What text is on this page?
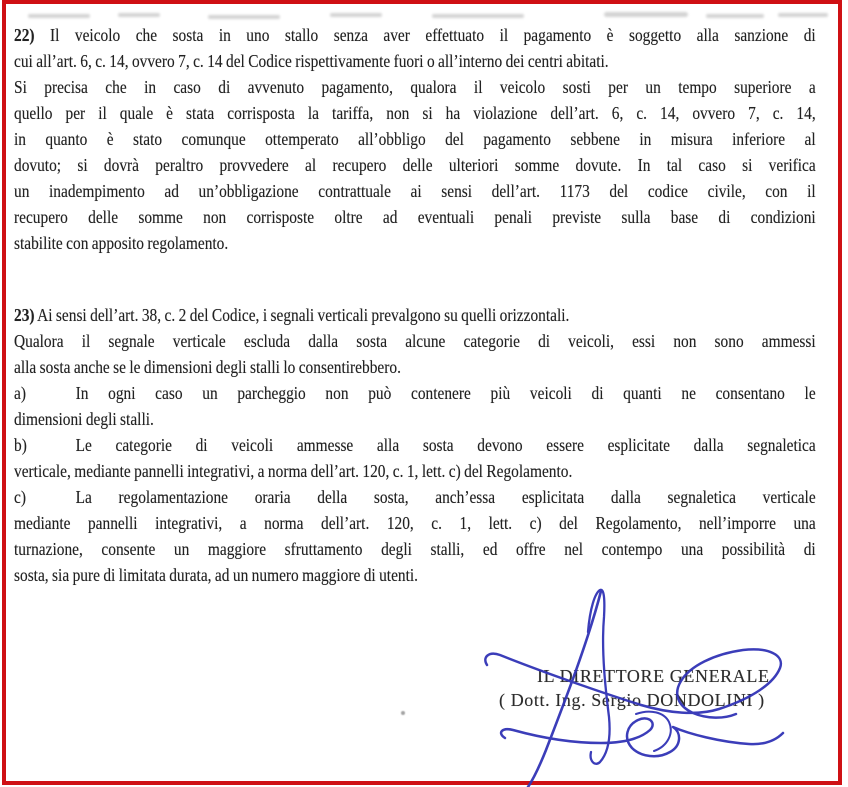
22) Il veicolo che sosta in uno stallo senza aver effettuato il pagamento è soggetto alla sanzione di
cui all’art. 6, c. 14, ovvero 7, c. 14 del Codice rispettivamente fuori o all’interno dei centri abitati.
Si precisa che in caso di avvenuto pagamento, qualora il veicolo sosti per un tempo superiore a
quello per il quale è stata corrisposta la tariffa, non si ha violazione dell’art. 6, c. 14, ovvero 7, c. 14,
in quanto è stato comunque ottemperato all’obbligo del pagamento sebbene in misura inferiore al
dovuto; si dovrà peraltro provvedere al recupero delle ulteriori somme dovute. In tal caso si verifica
un inadempimento ad un’obbligazione contrattuale ai sensi dell’art. 1173 del codice civile, con il
recupero delle somme non corrisposte oltre ad eventuali penali previste sulla base di condizioni
stabilite con apposito regolamento.
23) Ai sensi dell’art. 38, c. 2 del Codice, i segnali verticali prevalgono su quelli orizzontali.
Qualora il segnale verticale escluda dalla sosta alcune categorie di veicoli, essi non sono ammessi
alla sosta anche se le dimensioni degli stalli lo consentirebbero.
a)	In ogni caso un parcheggio non può contenere più veicoli di quanti ne consentano le
dimensioni degli stalli.
b)	Le categorie di veicoli ammesse alla sosta devono essere esplicitate dalla segnaletica
verticale, mediante pannelli integrativi, a norma dell’art. 120, c. 1, lett. c) del Regolamento.
c)	La regolamentazione oraria della sosta, anch’essa esplicitata dalla segnaletica verticale
mediante pannelli integrativi, a norma dell’art. 120, c. 1, lett. c) del Regolamento, nell’imporre una
turnazione, consente un maggiore sfruttamento degli stalli, ed offre nel contempo una possibilità di
sosta, sia pure di limitata durata, ad un numero maggiore di utenti.
IL DIRETTORE GENERALE
( Dott. Ing. Sergio DONDOLINI )
